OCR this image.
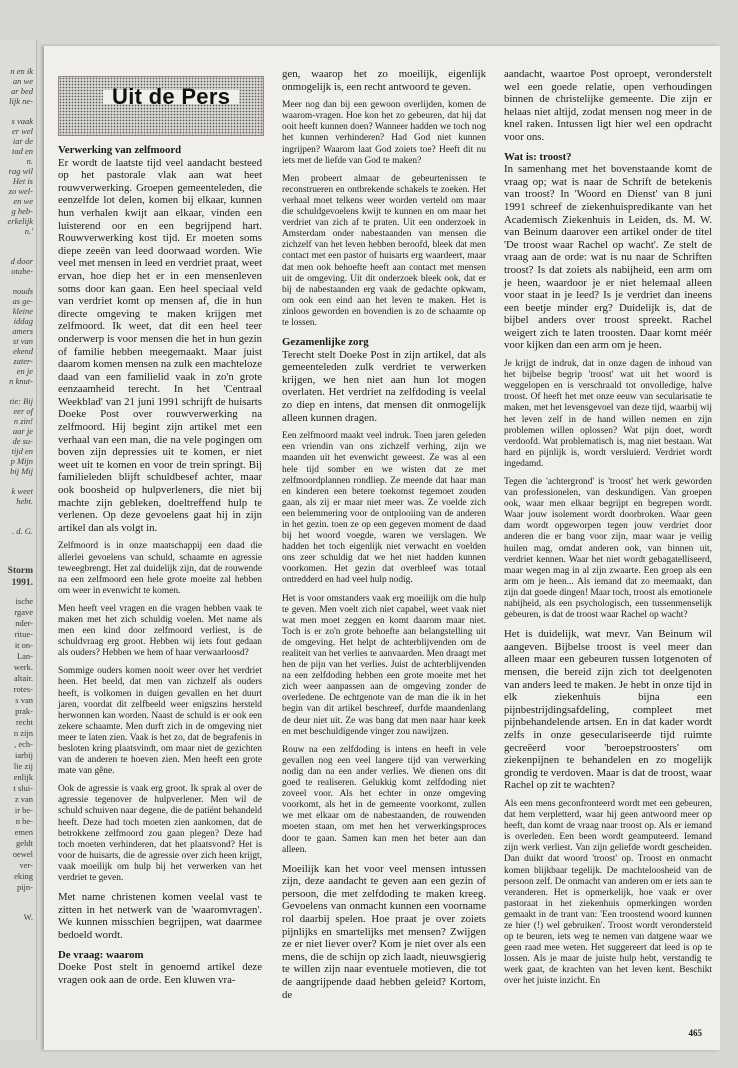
n en ik
an we
ar bed
lijk ne-
s vaak
er wel
iar de
tad en
n.
rag wil
Het is
zo wel-
en we
g heb-
erkelijk
n.'
d door
otabe-
nouds
as ge-
kleine
iddag
amers
st van
ekend
zater-
en je
n knut-
tie: Bij
eer of
n zin!
aar je
de su-
tijd en
p Mijn
bij Mij
k weet
hebt.
. d. G.
Storm
1991.
ische
rgave
nder-
ritue-
it on-
Lan-
werk.
altair.
rotes-
s van
prak-
recht
n zijn
, ech-
iarbij
lie zij
enlijk
t slui-
z van
ir be-
n be-
emen
geldt
oewel
ver-
eking
pijn-
W.
Uit de Pers
Verwerking van zelfmoord

Er wordt de laatste tijd veel aandacht besteed op het pastorale vlak aan wat heet rouwverwerking. Groepen gemeenteleden, die eenzelfde lot delen, komen bij elkaar, kunnen hun verhalen kwijt aan elkaar, vinden een luisterend oor en een begrijpend hart. Rouwverwerking kost tijd. Er moeten soms diepe zeeën van leed doorwaad worden. Wie veel met mensen in leed en verdriet praat, weet ervan, hoe diep het er in een mensenleven soms door kan gaan. Een heel speciaal veld van verdriet komt op mensen af, die in hun directe omgeving te maken krijgen met zelfmoord. Ik weet, dat dit een heel teer onderwerp is voor mensen die het in hun gezin of familie hebben meegemaakt. Maar juist daarom komen mensen na zulk een machteloze daad van een familielid vaak in zo'n grote eenzaamheid terecht. In het 'Centraal Weekblad' van 21 juni 1991 schrijft de huisarts Doeke Post over rouwverwerking na zelfmoord. Hij begint zijn artikel met een verhaal van een man, die na vele pogingen om boven zijn depressies uit te komen, er niet weet uit te komen en voor de trein springt. Bij familieleden blijft schuldbesef achter, maar ook boosheid op hulpverleners, die niet bij machte zijn gebleken, doeltreffend hulp te verlenen. Op deze gevoelens gaat hij in zijn artikel dan als volgt in.

Zelfmoord is in onze maatschappij een daad die allerlei gevoelens van schuld, schaamte en agressie teweegbrengt. Het zal duidelijk zijn, dat de rouwende na een zelfmoord een hele grote moeite zal hebben om weer in evenwicht te komen.

Men heeft veel vragen en die vragen hebben vaak te maken met het zich schuldig voelen. Met name als men een kind door zelfmoord verliest, is de schuldvraag erg groot. Hebben wij iets fout gedaan als ouders? Hebben we hem of haar verwaarloosd?

Sommige ouders komen nooit weer over het verdriet heen. Het beeld, dat men van zichzelf als ouders heeft, is volkomen in duigen gevallen en het duurt jaren, voordat dit zelfbeeld weer enigszins hersteld herwonnen kan worden. Naast de schuld is er ook een zekere schaamte. Men durft zich in de omgeving niet meer te laten zien. Vaak is het zo, dat de begrafenis in besloten kring plaatsvindt, om maar niet de gezichten van de anderen te hoeven zien. Men heeft een grote mate van gêne.

Ook de agressie is vaak erg groot. Ik sprak al over de agressie tegenover de hulpverlener. Men wil de schuld schuiven naar degene, die de patiënt behandeld heeft. Deze had toch moeten zien aankomen, dat de betrokkene zelfmoord zou gaan plegen? Deze had toch moeten verhinderen, dat het plaatsvond? Het is voor de huisarts, die de agressie over zich heen krijgt, vaak moeilijk om hulp bij het verwerken van het verdriet te geven.

Met name christenen komen veelal vast te zitten in het netwerk van de 'waaromvragen'. We kunnen misschien begrijpen, wat daarmee bedoeld wordt.

De vraag: waarom

Doeke Post stelt in genoemd artikel deze vragen ook aan de orde. Een kluwen vra-

gen, waarop het zo moeilijk, eigenlijk onmogelijk is, een recht antwoord te geven.

Meer nog dan bij een gewoon overlijden, komen de waarom-vragen. Hoe kon het zo gebeuren, dat hij dat ooit heeft kunnen doen? Wanneer hadden we toch nog het kunnen verhinderen? Had God niet kunnen ingrijpen? Waarom laat God zoiets toe? Heeft dit nu iets met de liefde van God te maken?

Men probeert almaar de gebeurtenissen te reconstrueren en ontbrekende schakels te zoeken. Het verhaal moet telkens weer worden verteld om maar die schuldgevoelens kwijt te kunnen en om maar het verdriet van zich af te praten. Uit een onderzoek in Amsterdam onder nabestaanden van mensen die zichzelf van het leven hebben beroofd, bleek dat men contact met een pastor of huisarts erg waardeert, maar dat men ook behoefte heeft aan contact met mensen uit de omgeving. Uit dit onderzoek bleek ook, dat er bij de nabestaanden erg vaak de gedachte opkwam, om ook een eind aan het leven te maken. Het is zinloos geworden en bovendien is zo de schaamte op te lossen.

Gezamenlijke zorg

Terecht stelt Doeke Post in zijn artikel, dat als gemeenteleden zulk verdriet te verwerken krijgen, we hen niet aan hun lot mogen overlaten. Het verdriet na zelfdoding is veelal zo diep en intens, dat mensen dit onmogelijk alleen kunnen dragen.

Een zelfmoord maakt veel indruk. Toen jaren geleden een vriendin van ons zichzelf verhing, zijn we maanden uit het evenwicht geweest. Ze was al een hele tijd somber en we wisten dat ze met zelfmoordplannen rondliep. Ze meende dat haar man en kinderen een betere toekomst tegemoet zouden gaan, als zij er maar niet meer was. Ze voelde zich een belemmering voor de ontplooiing van de anderen in het gezin. toen ze op een gegeven moment de daad bij het woord voegde, waren we verslagen. We hadden het toch eigenlijk niet verwacht en voelden ons zeer schuldig dat we het niet hadden kunnen voorkomen. Het gezin dat overbleef was totaal ontredderd en had veel hulp nodig.

Het is voor omstanders vaak erg moeilijk om die hulp te geven. Men voelt zich niet capabel, weet vaak niet wat men moet zeggen en komt daarom maar niet. Toch is er zo'n grote behoefte aan belangstelling uit de omgeving. Het helpt de achterblijvenden om de realiteit van het verlies te aanvaarden. Men draagt met hen de pijn van het verlies. Juist de achterblijvenden na een zelfdoding hebben een grote moeite met het zich weer aanpassen aan de omgeving zonder de overledene. De echtgenote van de man die ik in het begin van dit artikel beschreef, durfde maandenlang de deur niet uit. Ze was bang dat men naar haar keek en met beschuldigende vinger zou nawijzen.

Rouw na een zelfdoding is intens en heeft in vele gevallen nog een veel langere tijd van verwerking nodig dan na een ander verlies. We dienen ons dit goed te realiseren. Gelukkig komt zelfdoding niet zoveel voor. Als het echter in onze omgeving voorkomt, als het in de gemeente voorkomt, zullen we met elkaar om de nabestaanden, de rouwenden moeten staan, om met hen het verwerkingsproces door te gaan. Samen kan men het beter aan dan alleen.

Moeilijk kan het voor veel mensen intussen zijn, deze aandacht te geven aan een gezin of persoon, die met zelfdoding te maken kreeg. Gevoelens van onmacht kunnen een voorname rol daarbij spelen. Hoe praat je over zoiets pijnlijks en smartelijks met mensen? Zwijgen ze er niet liever over? Kom je niet over als een mens, die de schijn op zich laadt, nieuwsgierig te willen zijn naar eventuele motieven, die tot de aangrijpende daad hebben geleid? Kortom, de

aandacht, waartoe Post oproept, veronderstelt wel een goede relatie, open verhoudingen binnen de christelijke gemeente. Die zijn er helaas niet altijd, zodat mensen nog meer in de knel raken. Intussen ligt hier wel een opdracht voor ons.

Wat is: troost?

In samenhang met het bovenstaande komt de vraag op; wat is naar de Schrift de betekenis van troost? In 'Woord en Dienst' van 8 juni 1991 schreef de ziekenhuispredikante van het Academisch Ziekenhuis in Leiden, ds. M. W. van Beinum daarover een artikel onder de titel 'De troost waar Rachel op wacht'. Ze stelt de vraag aan de orde: wat is nu naar de Schriften troost? Is dat zoiets als nabijheid, een arm om je heen, waardoor je er niet helemaal alleen voor staat in je leed? Is je verdriet dan ineens een beetje minder erg? Duidelijk is, dat de bijbel anders over troost spreekt. Rachel weigert zich te laten troosten. Daar komt méér voor kijken dan een arm om je heen.

Je krijgt de indruk, dat in onze dagen de inhoud van het bijbelse begrip 'troost' wat uit het woord is weggelopen en is verschraald tot onvolledige, halve troost. Of heeft het met onze eeuw van secularisatie te maken, met het levensgevoel van deze tijd, waarbij wij het leven zelf in de hand willen nemen en zijn problemen willen oplossen? Wat pijn doet, wordt verdoofd. Wat problematisch is, mag niet bestaan. Wat hard en pijnlijk is, wordt versluierd. Verdriet wordt ingedamd.

Tegen die 'achtergrond' is 'troost' het werk geworden van professionelen, van deskundigen. Van groepen ook, waar men elkaar begrijpt en begrepen wordt. Waar jouw isolement wordt doorbroken. Waar geen dam wordt opgeworpen tegen jouw verdriet door anderen die er bang voor zijn, maar waar je veilig huilen mag, omdat anderen ook, van binnen uit, verdriet kennen. Waar het niet wordt gebagatelliseerd, maar wegen mag in al zijn zwaarte. Een groep als een arm om je heen... Als iemand dat zo meemaakt, dan zijn dat goede dingen! Maar toch, troost als emotionele nabijheid, als een psychologisch, een tussenmenselijk gebeuren, is dat de troost waar Rachel op wacht?

Het is duidelijk, wat mevr. Van Beinum wil aangeven. Bijbelse troost is veel meer dan alleen maar een gebeuren tussen lotgenoten of mensen, die bereid zijn zich tot deelgenoten van anders leed te maken. Je hebt in onze tijd in elk ziekenhuis bijna een pijnbestrijdingsafdeling, compleet met pijnbehandelende artsen. En in dat kader wordt zelfs in onze geseculariseerde tijd ruimte gecreëerd voor 'beroepstroosters' om ziekenpijnen te behandelen en zo mogelijk grondig te verdoven. Maar is dat de troost, waar Rachel op zit te wachten?

Als een mens geconfronteerd wordt met een gebeuren, dat hem verpletterd, waar hij geen antwoord meer op heeft, dan komt de vraag naar troost op. Als er iemand is overleden. Een been wordt geamputeerd. Iemand zijn werk verliest. Van zijn geliefde wordt gescheiden. Dan duikt dat woord 'troost' op. Troost en onmacht komen blijkbaar tegelijk. De machteloosheid van de persoon zelf. De onmacht van anderen om er iets aan te veranderen. Het is opmerkelijk, hoe vaak er over pastoraat in het ziekenhuis opmerkingen worden gemaakt in de trant van: 'Een troostend woord kunnen ze hier (!) wel gebruiken'. Troost wordt verondersteld op te beuren, iets weg te nemen van datgene waar we geen raad mee weten. Het suggereert dat leed is op te lossen. Als je maar de juiste hulp hebt, verstandig te werk gaat, de krachten van het leven kent. Beschikt over het juiste inzicht. En

465
